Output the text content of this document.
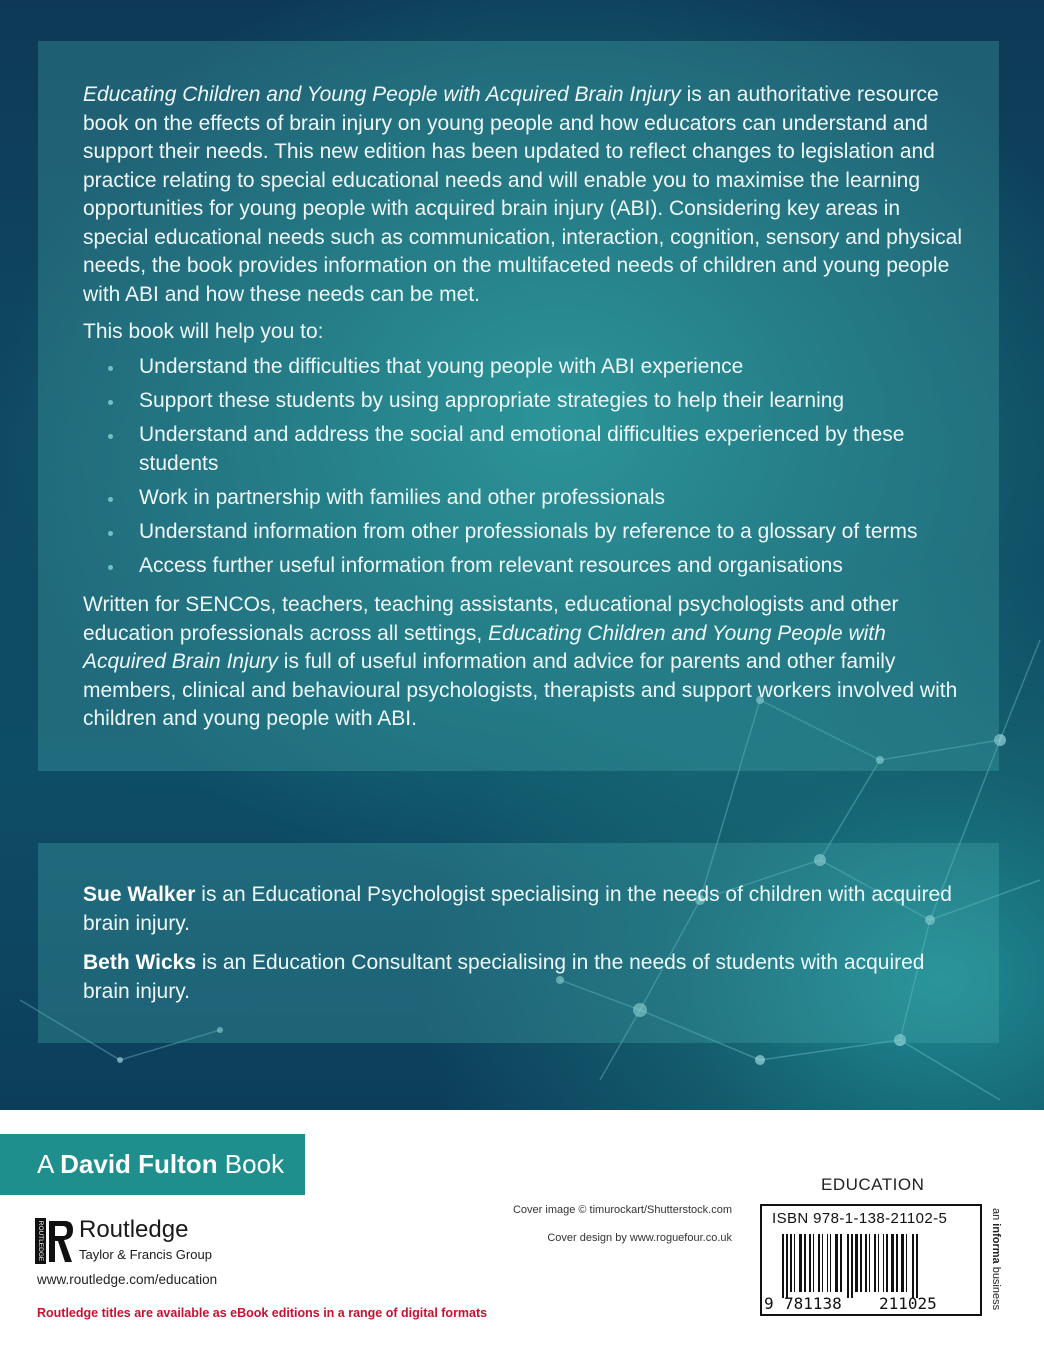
Educating Children and Young People with Acquired Brain Injury is an authoritative resource book on the effects of brain injury on young people and how educators can understand and support their needs. This new edition has been updated to reflect changes to legislation and practice relating to special educational needs and will enable you to maximise the learning opportunities for young people with acquired brain injury (ABI). Considering key areas in special educational needs such as communication, interaction, cognition, sensory and physical needs, the book provides information on the multifaceted needs of children and young people with ABI and how these needs can be met.

This book will help you to:

Understand the difficulties that young people with ABI experience
Support these students by using appropriate strategies to help their learning
Understand and address the social and emotional difficulties experienced by these students
Work in partnership with families and other professionals
Understand information from other professionals by reference to a glossary of terms
Access further useful information from relevant resources and organisations

Written for SENCOs, teachers, teaching assistants, educational psychologists and other education professionals across all settings, Educating Children and Young People with Acquired Brain Injury is full of useful information and advice for parents and other family members, clinical and behavioural psychologists, therapists and support workers involved with children and young people with ABI.

Sue Walker is an Educational Psychologist specialising in the needs of children with acquired brain injury.

Beth Wicks is an Education Consultant specialising in the needs of students with acquired brain injury.

A David Fulton Book
ROUTLEDGE Routledge
Taylor & Francis Group
www.routledge.com/education
Routledge titles are available as eBook editions in a range of digital formats
Cover image © timurockart/Shutterstock.com
Cover design by www.roguefour.co.uk
EDUCATION
ISBN 978-1-138-21102-5
9 781138 211025
an informa business
